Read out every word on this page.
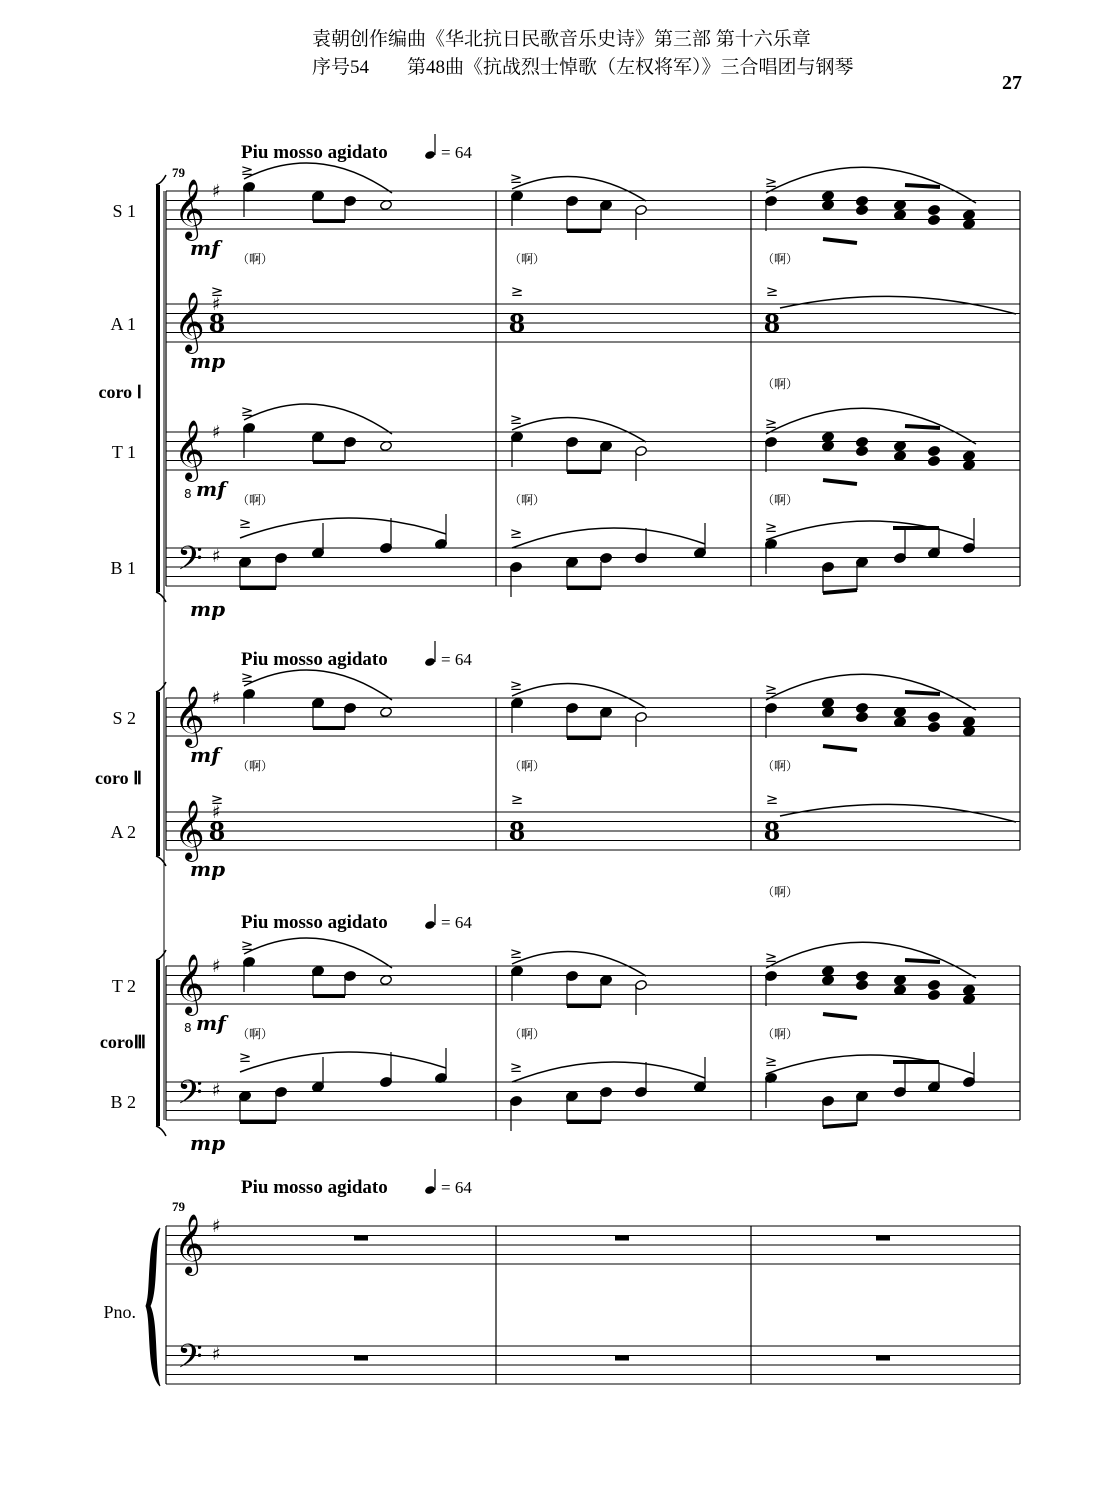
袁朝创作编曲《华北抗日民歌音乐史诗》第三部 第十六乐章
序号54　　第48曲《抗战烈士悼歌（左权将军）》三合唱团与钢琴
27
Piu mosso agidato	= 64
Piu mosso agidato	= 64
Piu mosso agidato	= 64
Piu mosso agidato	= 64
79
79
S 1 𝄞 ♯
mf
≥	≥	≥
（啊）	（啊）	（啊）
A 1 𝄞 ♯
mp
8
≥
8
≥
8
≥
（啊）
T 1 𝄞 ♯
mf
8
≥	≥	≥
（啊）	（啊）	（啊）
B 1 𝄢 ♯
mp
≥
≥	≥
S 2 𝄞 ♯
mf
≥	≥	≥
（啊）	（啊）	（啊）
A 2 𝄞 ♯
mp
8
≥
8
≥
8
≥
（啊）
T 2 𝄞 ♯
mf
8
≥	≥	≥
（啊）	（啊）	（啊）
B 2 𝄢 ♯
mp
≥
≥	≥
coro Ⅰ
coro Ⅱ
coroⅢ
𝄞 ♯
𝄢 ♯
Pno.
